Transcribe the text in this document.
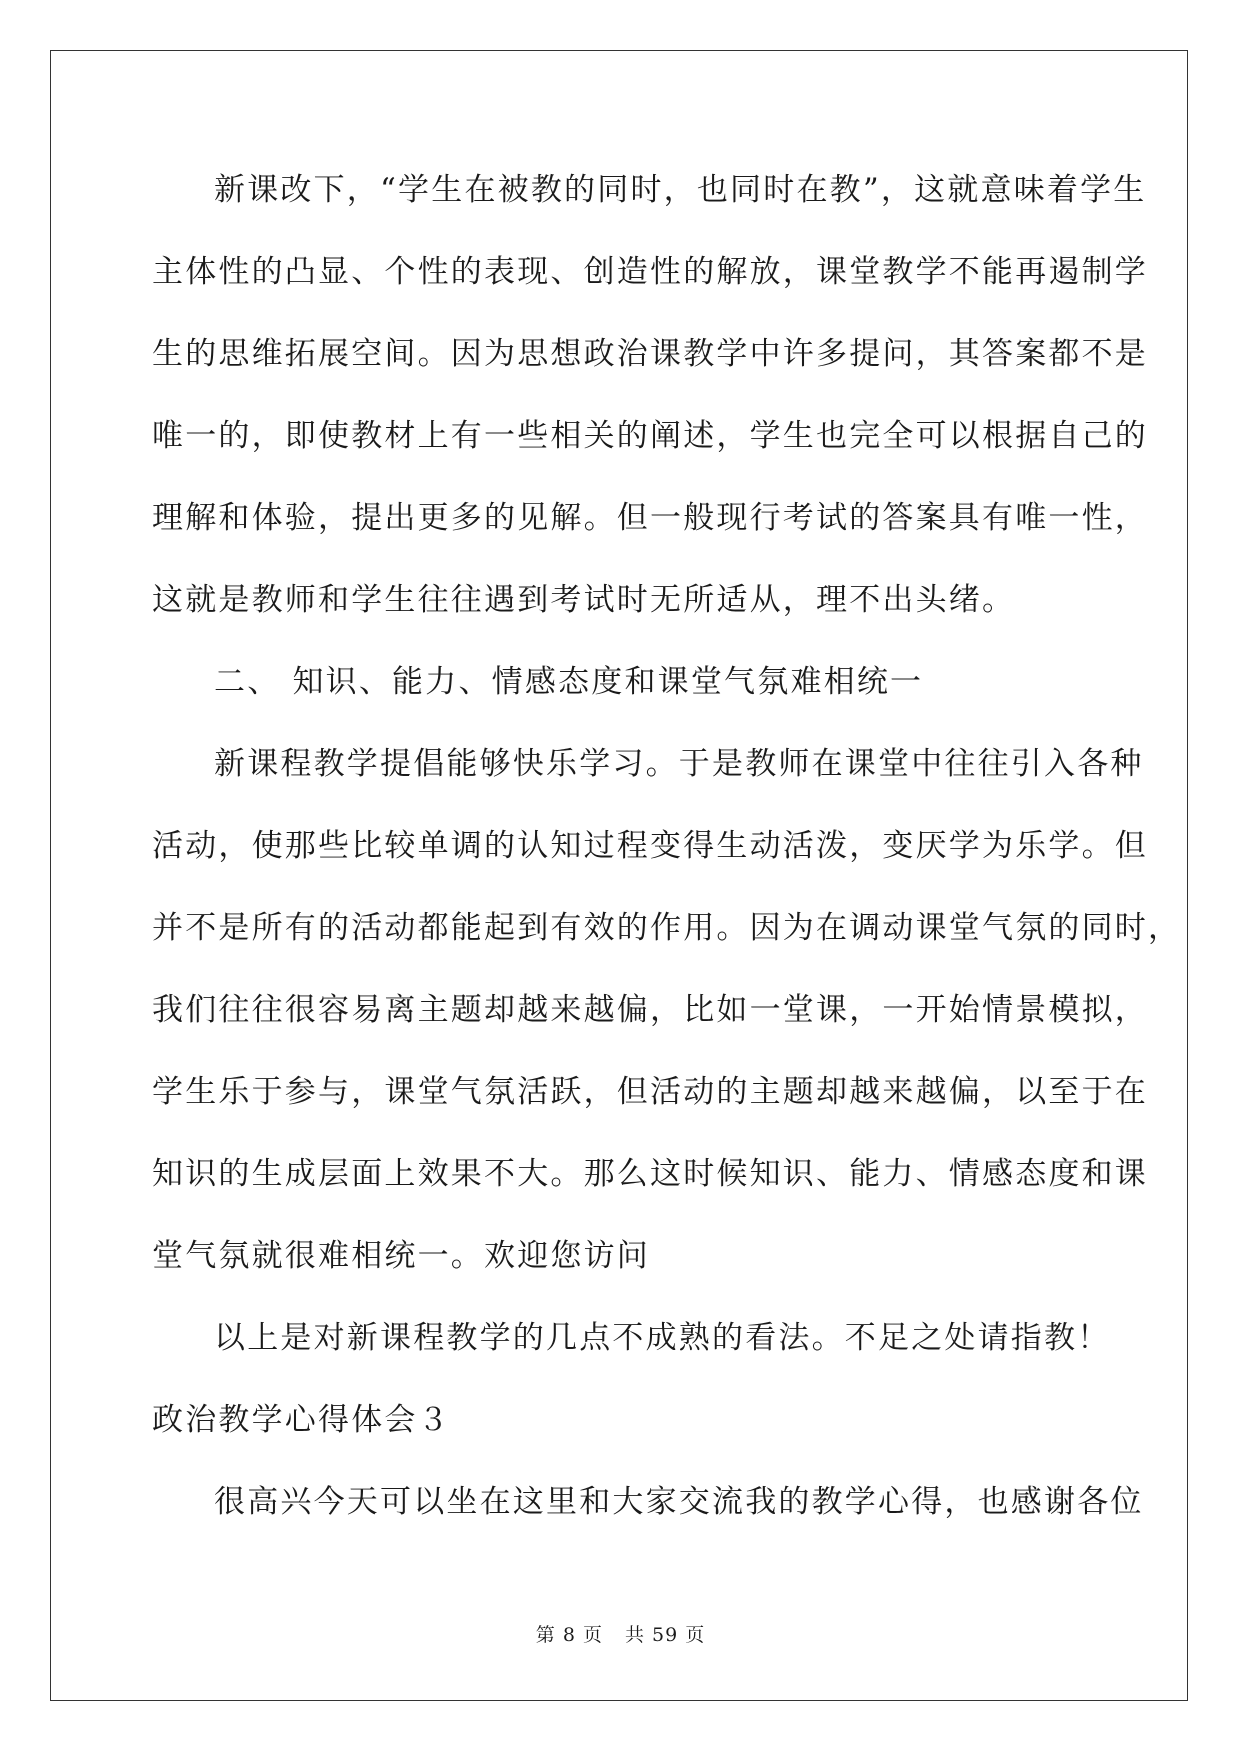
新课改下，“学生在被教的同时，也同时在教”，这就意味着学生
主体性的凸显、个性的表现、创造性的解放，课堂教学不能再遏制学
生的思维拓展空间。因为思想政治课教学中许多提问，其答案都不是
唯一的，即使教材上有一些相关的阐述，学生也完全可以根据自己的
理解和体验，提出更多的见解。但一般现行考试的答案具有唯一性，
这就是教师和学生往往遇到考试时无所适从，理不出头绪。
二、 知识、能力、情感态度和课堂气氛难相统一
新课程教学提倡能够快乐学习。于是教师在课堂中往往引入各种
活动，使那些比较单调的认知过程变得生动活泼，变厌学为乐学。但
并不是所有的活动都能起到有效的作用。因为在调动课堂气氛的同时，
我们往往很容易离主题却越来越偏，比如一堂课，一开始情景模拟，
学生乐于参与，课堂气氛活跃，但活动的主题却越来越偏，以至于在
知识的生成层面上效果不大。那么这时候知识、能力、情感态度和课
堂气氛就很难相统一。欢迎您访问
以上是对新课程教学的几点不成熟的看法。不足之处请指教！
政治教学心得体会３
很高兴今天可以坐在这里和大家交流我的教学心得，也感谢各位
第 8 页 共 59 页
